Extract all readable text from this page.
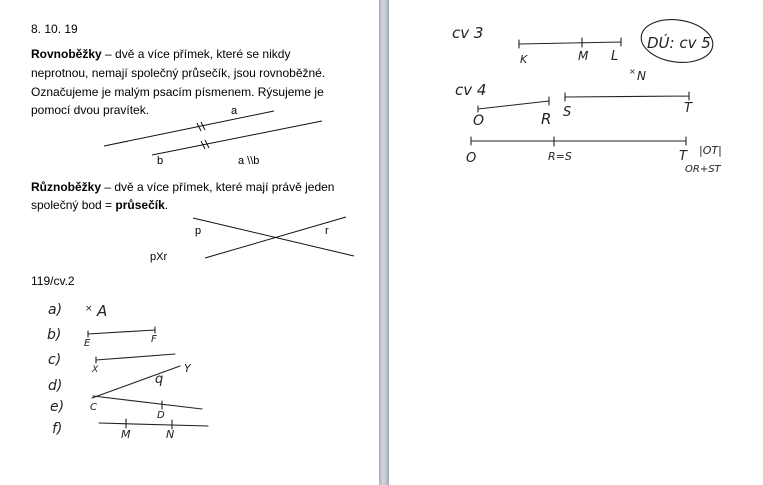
8. 10. 19
Rovnoběžky – dvě a více přímek, které se nikdy
neprotnou, nemají společný průsečík, jsou rovnoběžné.
Označujeme je malým psacím písmenem. Rýsujeme je
pomocí dvou pravítek.
Různoběžky – dvě a více přímek, které mají právě jeden
společný bod = průsečík.
119/cv.2
a
b	a \\b
p	r
pXr
a)
b)
c)
d)
e)
f)
× A
E	F
X	Y
q
C
D
M	N
cv 3
K	M L
× N
DÚ: cv 5
cv 4
O	R S	T
O	R=S	T |OT|
OR+ST
